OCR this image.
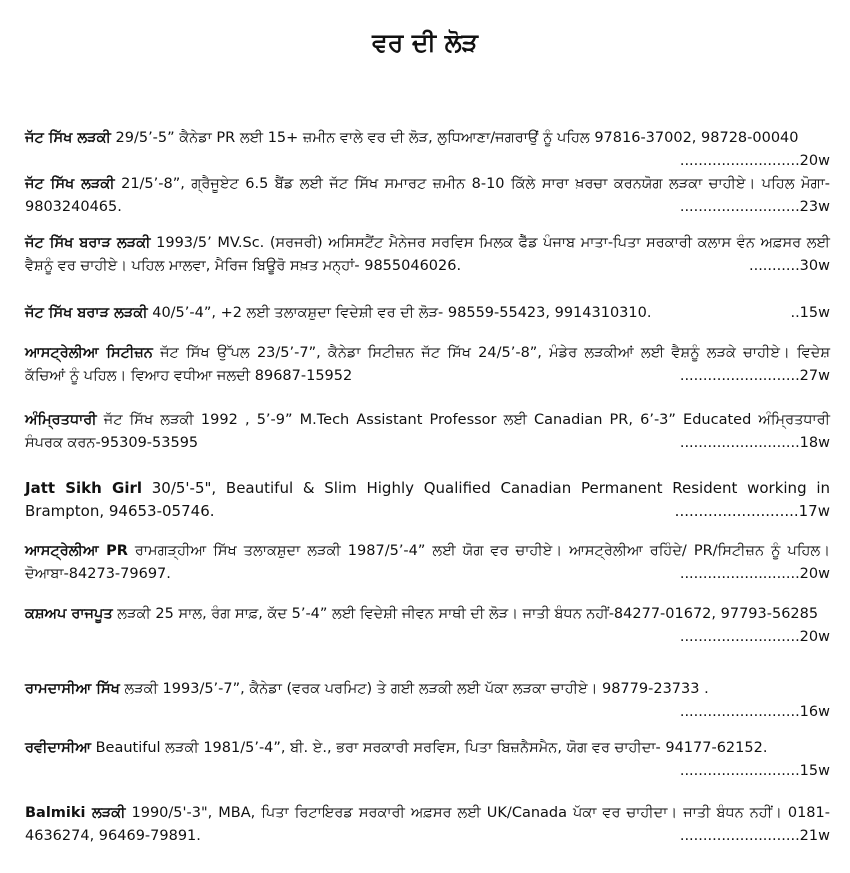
ਵਰ ਦੀ ਲੋੜ

ਜੱਟ ਸਿੱਖ ਲੜਕੀ 29/5’-5” ਕੈਨੇਡਾ PR ਲਈ 15+ ਜ਼ਮੀਨ ਵਾਲੇ ਵਰ ਦੀ ਲੋੜ, ਲੁਧਿਆਣਾ/ਜਗਰਾਉਂ ਨੂੰ ਪਹਿਲ 97816-37002, 98728-00040
..........................20w

ਜੱਟ ਸਿੱਖ ਲੜਕੀ 21/5’-8”, ਗ੍ਰੈਜੂਏਟ 6.5 ਬੈਂਡ ਲਈ ਜੱਟ ਸਿੱਖ ਸਮਾਰਟ ਜ਼ਮੀਨ 8-10 ਕਿੱਲੇ ਸਾਰਾ ਖ਼ਰਚਾ ਕਰਨਯੋਗ ਲੜਕਾ ਚਾਹੀਏ। ਪਹਿਲ ਮੋਗਾ- 9803240465.	..........................23w

ਜੱਟ ਸਿੱਖ ਬਰਾੜ ਲੜਕੀ 1993/5’ MV.Sc. (ਸਰਜਰੀ) ਅਸਿਸਟੈਂਟ ਮੈਨੇਜਰ ਸਰਵਿਸ ਮਿਲਕ ਫੈੱਡ ਪੰਜਾਬ ਮਾਤਾ-ਪਿਤਾ ਸਰਕਾਰੀ ਕਲਾਸ ਵੰਨ ਅਫ਼ਸਰ ਲਈ ਵੈਸ਼ਨੂੰ ਵਰ ਚਾਹੀਏ। ਪਹਿਲ ਮਾਲਵਾ, ਮੈਰਿਜ ਬਿਊਰੋ ਸਖ਼ਤ ਮਨ੍ਹਾਂ- 9855046026.	...........30w

ਜੱਟ ਸਿੱਖ ਬਰਾੜ ਲੜਕੀ 40/5’-4”, +2 ਲਈ ਤਲਾਕਸ਼ੁਦਾ ਵਿਦੇਸ਼ੀ ਵਰ ਦੀ ਲੋੜ- 98559-55423, 9914310310.	..15w

ਆਸਟ੍ਰੇਲੀਆ ਸਿਟੀਜ਼ਨ ਜੱਟ ਸਿੱਖ ਉੱਪਲ 23/5’-7”, ਕੈਨੇਡਾ ਸਿਟੀਜ਼ਨ ਜੱਟ ਸਿੱਖ 24/5’-8”, ਮੰਡੇਰ ਲੜਕੀਆਂ ਲਈ ਵੈਸ਼ਨੂੰ ਲੜਕੇ ਚਾਹੀਏ। ਵਿਦੇਸ਼ ਕੱਚਿਆਂ ਨੂੰ ਪਹਿਲ। ਵਿਆਹ ਵਧੀਆ ਜਲਦੀ 89687-15952	..........................27w

ਅੰਮ੍ਰਿਤਧਾਰੀ ਜੱਟ ਸਿੱਖ ਲੜਕੀ 1992 , 5’-9” M.Tech Assistant Professor ਲਈ Canadian PR, 6’-3” Educated ਅੰਮ੍ਰਿਤਧਾਰੀ ਸੰਪਰਕ ਕਰਨ-95309-53595	..........................18w

Jatt Sikh Girl 30/5'-5", Beautiful & Slim Highly Qualified Canadian Permanent Resident working in Brampton, 94653-05746.	..........................17w

ਆਸਟ੍ਰੇਲੀਆ PR ਰਾਮਗੜ੍ਹੀਆ ਸਿੱਖ ਤਲਾਕਸ਼ੁਦਾ ਲੜਕੀ 1987/5’-4” ਲਈ ਯੋਗ ਵਰ ਚਾਹੀਏ। ਆਸਟ੍ਰੇਲੀਆ ਰਹਿੰਦੇ/ PR/ਸਿਟੀਜ਼ਨ ਨੂੰ ਪਹਿਲ। ਦੋਆਬਾ-84273-79697.	..........................20w

ਕਸ਼ਅਪ ਰਾਜਪੂਤ ਲੜਕੀ 25 ਸਾਲ, ਰੰਗ ਸਾਫ਼, ਕੱਦ 5’-4” ਲਈ ਵਿਦੇਸ਼ੀ ਜੀਵਨ ਸਾਥੀ ਦੀ ਲੋੜ। ਜਾਤੀ ਬੰਧਨ ਨਹੀਂ-84277-01672, 97793-56285
..........................20w

ਰਾਮਦਾਸੀਆ ਸਿੱਖ ਲੜਕੀ 1993/5’-7”, ਕੈਨੇਡਾ (ਵਰਕ ਪਰਮਿਟ) ਤੇ ਗਈ ਲੜਕੀ ਲਈ ਪੱਕਾ ਲੜਕਾ ਚਾਹੀਏ। 98779-23733 .
..........................16w

ਰਵੀਦਾਸੀਆ Beautiful ਲੜਕੀ 1981/5’-4”, ਬੀ. ਏ., ਭਰਾ ਸਰਕਾਰੀ ਸਰਵਿਸ, ਪਿਤਾ ਬਿਜ਼ਨੈਸਮੈਨ, ਯੋਗ ਵਰ ਚਾਹੀਦਾ- 94177-62152.
..........................15w

Balmiki ਲੜਕੀ 1990/5'-3", MBA, ਪਿਤਾ ਰਿਟਾਇਰਡ ਸਰਕਾਰੀ ਅਫ਼ਸਰ ਲਈ UK/Canada ਪੱਕਾ ਵਰ ਚਾਹੀਦਾ। ਜਾਤੀ ਬੰਧਨ ਨਹੀਂ। 0181-4636274, 96469-79891.	..........................21w
